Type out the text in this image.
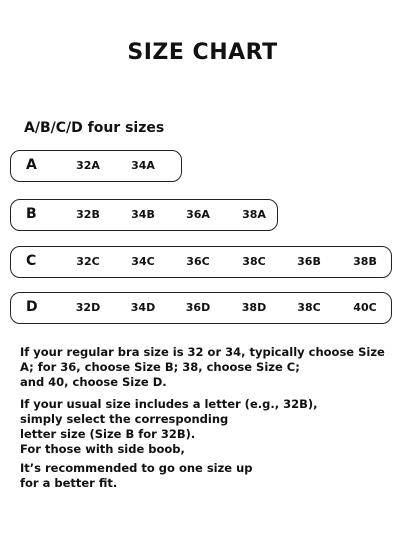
SIZE CHART
A/B/C/D four sizes
A	32A	34A
B	32B	34B	36A	38A
C	32C	34C	36C	38C	36B	38B
D	32D	34D	36D	38D	38C	40C
If your regular bra size is 32 or 34, typically choose Size
A; for 36, choose Size B; 38, choose Size C;
and 40, choose Size D.
If your usual size includes a letter (e.g., 32B),
simply select the corresponding
letter size (Size B for 32B).
For those with side boob,
It’s recommended to go one size up
for a better fit.
